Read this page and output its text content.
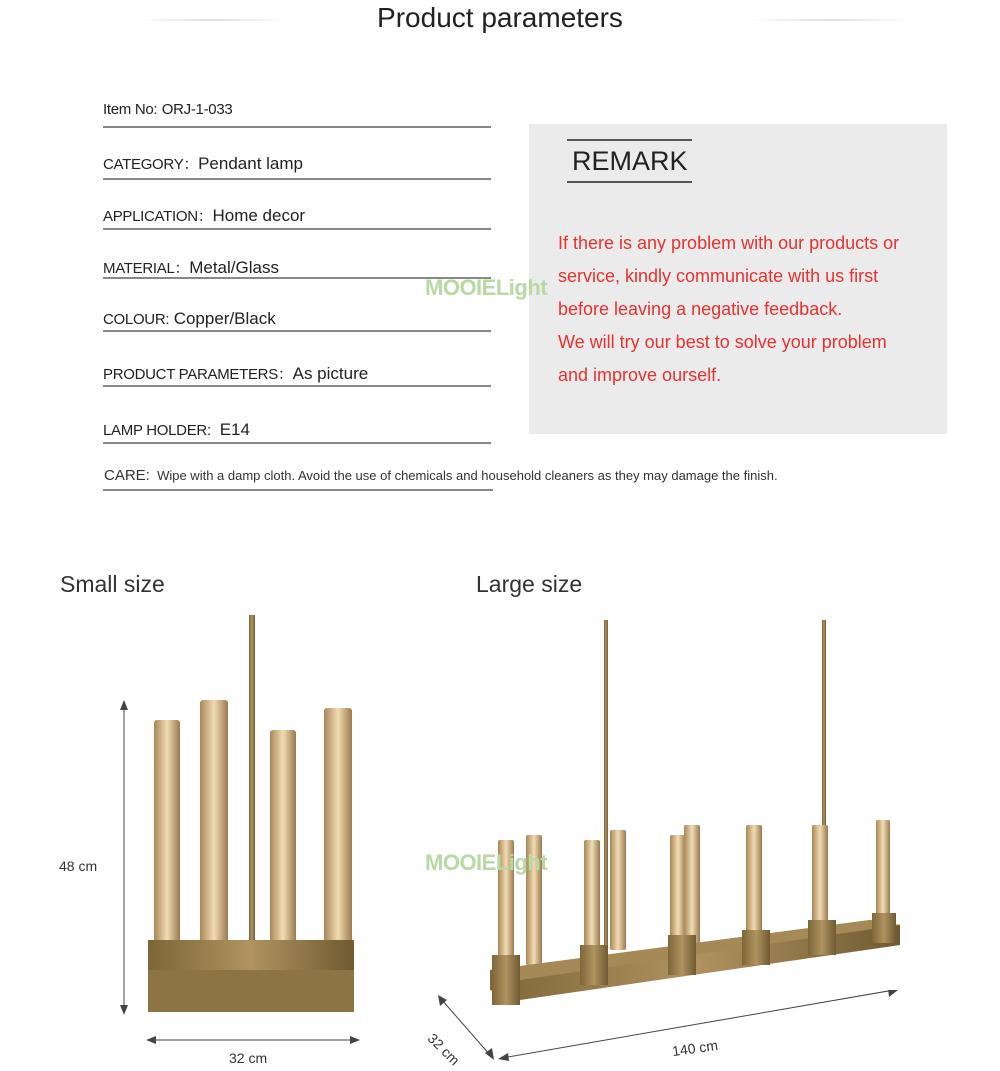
Product parameters
Item No: ORJ-1-033
CATEGORY：Pendant lamp
APPLICATION：Home decor
MATERIAL：Metal/Glass
COLOUR: Copper/Black
PRODUCT PARAMETERS：As picture
LAMP HOLDER: E14
CARE: Wipe with a damp cloth. Avoid the use of chemicals and household cleaners as they may damage the finish.
REMARK
If there is any problem with our products or
service, kindly communicate with us first
before leaving a negative feedback.
We will try our best to solve your problem
and improve ourself.
MOOIELight
Small size	Large size
48 cm
32 cm	32 cm	140 cm
MOOIELight
